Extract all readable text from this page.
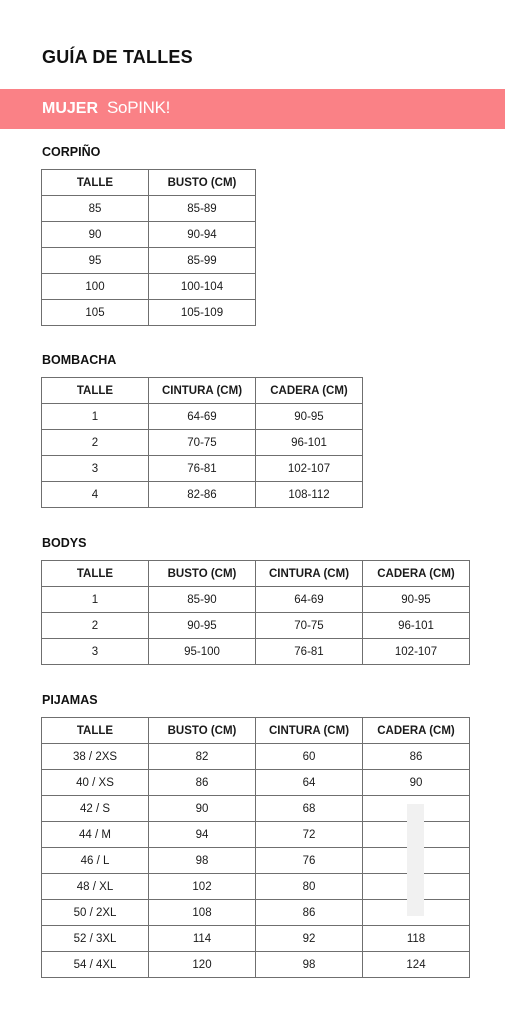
GUÍA DE TALLES
MUJER SoPINK!
CORPIÑO
TALLE	BUSTO (CM)
85	85-89
90	90-94
95	85-99
100	100-104
105	105-109
BOMBACHA
TALLE	CINTURA (CM)	CADERA (CM)
1	64-69	90-95
2	70-75	96-101
3	76-81	102-107
4	82-86	108-112
BODYS
TALLE	BUSTO (CM)	CINTURA (CM)	CADERA (CM)
1	85-90	64-69	90-95
2	90-95	70-75	96-101
3	95-100	76-81	102-107
PIJAMAS
TALLE	BUSTO (CM)	CINTURA (CM)	CADERA (CM)
38 / 2XS	82	60	86
40 / XS	86	64	90
42 / S	90	68	
44 / M	94	72	
46 / L	98	76	
48 / XL	102	80	
50 / 2XL	108	86	
52 / 3XL	114	92	118
54 / 4XL	120	98	124
